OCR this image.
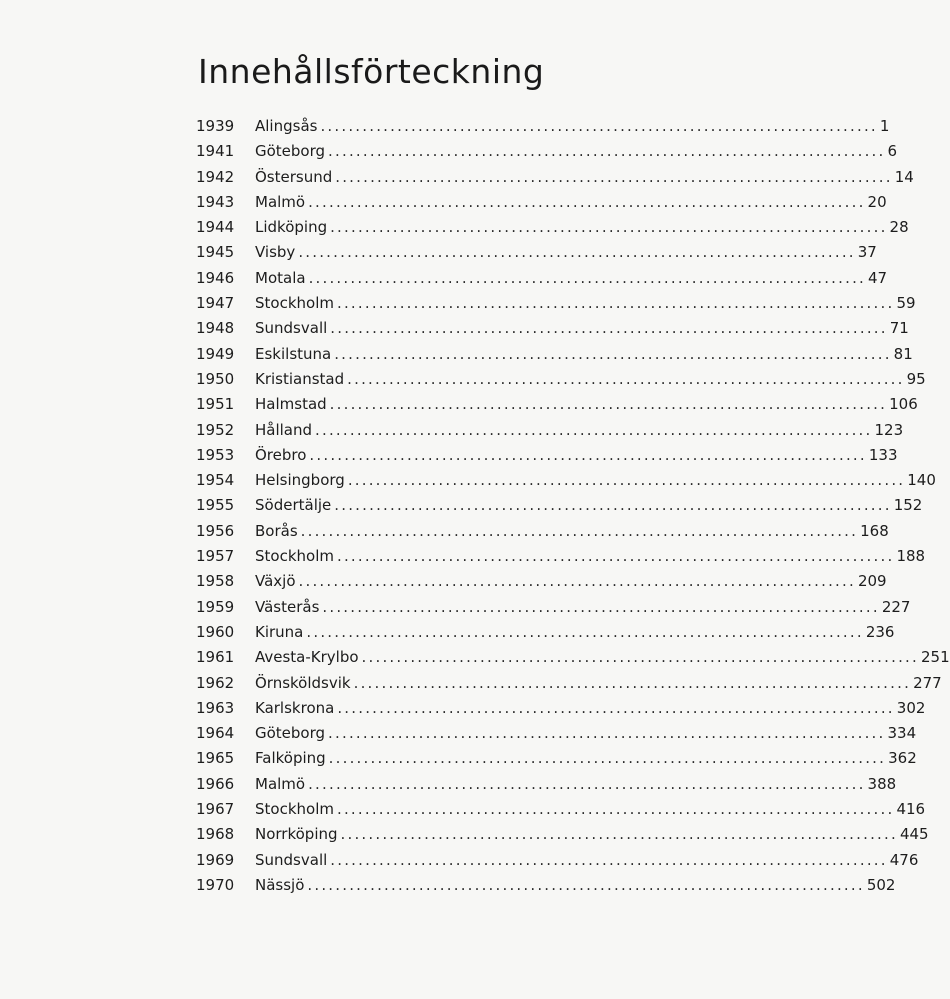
Innehållsförteckning
1939	Alingsås ................................................................................ 1
1941	Göteborg ................................................................................ 6
1942	Östersund ................................................................................ 14
1943	Malmö ................................................................................ 20
1944	Lidköping ................................................................................ 28
1945	Visby ................................................................................ 37
1946	Motala ................................................................................ 47
1947	Stockholm ................................................................................ 59
1948	Sundsvall ................................................................................ 71
1949	Eskilstuna ................................................................................ 81
1950	Kristianstad ................................................................................ 95
1951	Halmstad ................................................................................ 106
1952	Hålland ................................................................................ 123
1953	Örebro ................................................................................ 133
1954	Helsingborg ................................................................................ 140
1955	Södertälje ................................................................................ 152
1956	Borås ................................................................................ 168
1957	Stockholm ................................................................................ 188
1958	Växjö ................................................................................ 209
1959	Västerås ................................................................................ 227
1960	Kiruna ................................................................................ 236
1961	Avesta-Krylbo ................................................................................ 251
1962	Örnsköldsvik ................................................................................ 277
1963	Karlskrona ................................................................................ 302
1964	Göteborg ................................................................................ 334
1965	Falköping ................................................................................ 362
1966	Malmö ................................................................................ 388
1967	Stockholm ................................................................................ 416
1968	Norrköping ................................................................................ 445
1969	Sundsvall ................................................................................ 476
1970	Nässjö ................................................................................ 502
